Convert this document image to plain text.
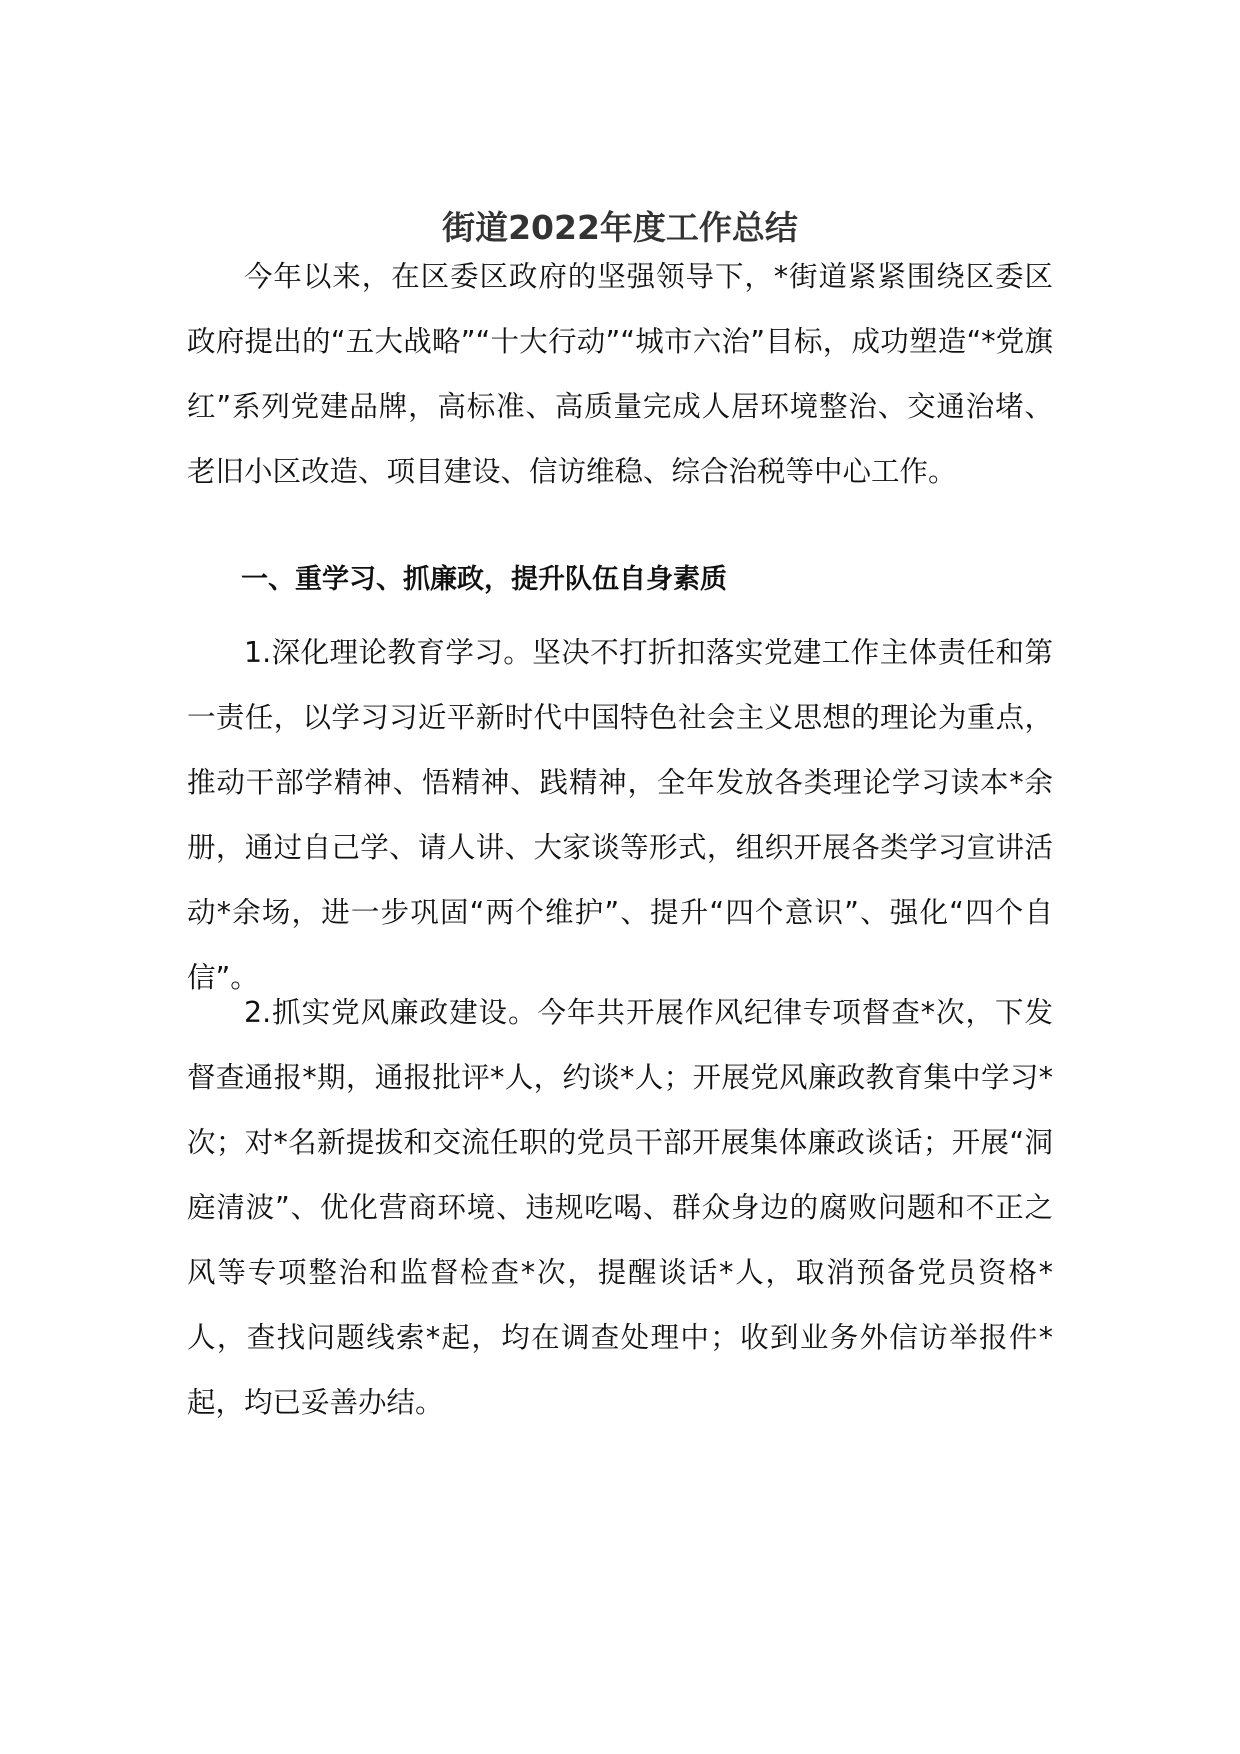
街道2022年度工作总结

今年以来，在区委区政府的坚强领导下，*街道紧紧围绕区委区政府提出的“五大战略”“十大行动”“城市六治”目标，成功塑造“*党旗红”系列党建品牌，高标准、高质量完成人居环境整治、交通治堵、老旧小区改造、项目建设、信访维稳、综合治税等中心工作。

一、重学习、抓廉政，提升队伍自身素质

1.深化理论教育学习。坚决不打折扣落实党建工作主体责任和第一责任，以学习习近平新时代中国特色社会主义思想的理论为重点，推动干部学精神、悟精神、践精神，全年发放各类理论学习读本*余册，通过自己学、请人讲、大家谈等形式，组织开展各类学习宣讲活动*余场，进一步巩固“两个维护”、提升“四个意识”、强化“四个自信”。

2.抓实党风廉政建设。今年共开展作风纪律专项督查*次，下发督查通报*期，通报批评*人，约谈*人；开展党风廉政教育集中学习*次；对*名新提拔和交流任职的党员干部开展集体廉政谈话；开展“洞庭清波”、优化营商环境、违规吃喝、群众身边的腐败问题和不正之风等专项整治和监督检查*次，提醒谈话*人，取消预备党员资格*人，查找问题线索*起，均在调查处理中；收到业务外信访举报件*起，均已妥善办结。
